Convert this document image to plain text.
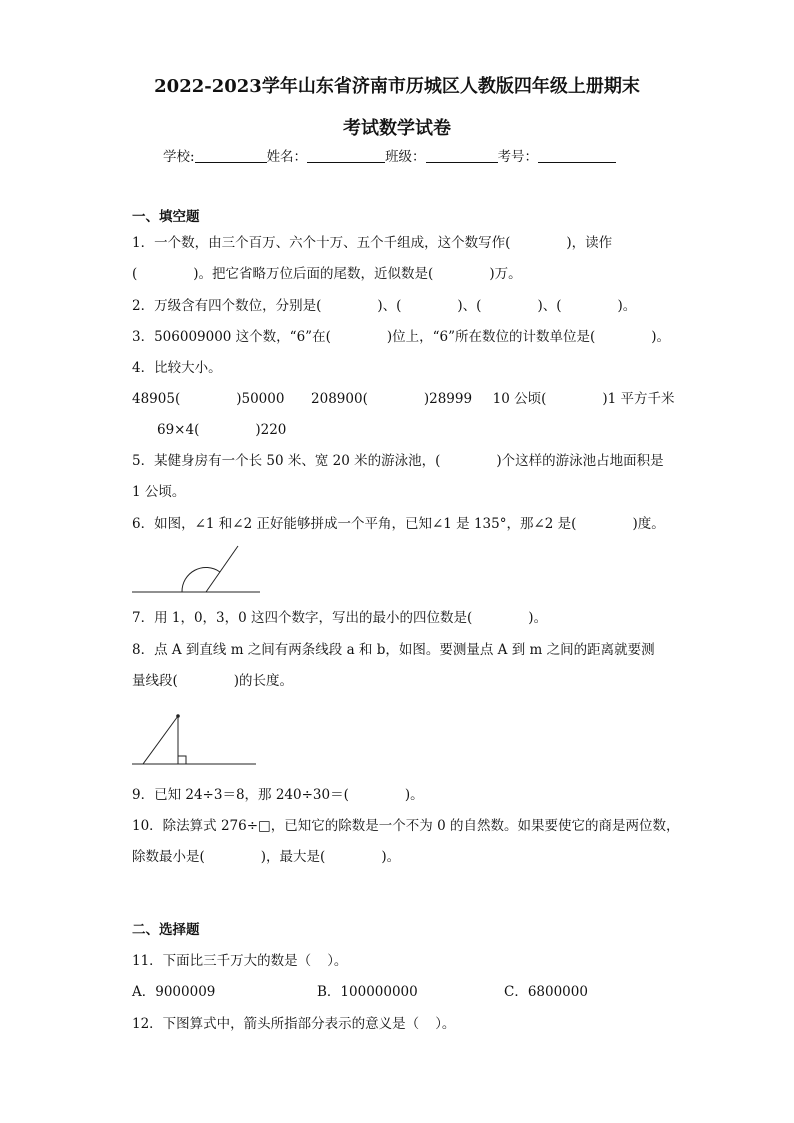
2022-2023学年山东省济南市历城区人教版四年级上册期末
考试数学试卷
学校:	姓名：	班级：	考号：
一、填空题
1．一个数，由三个百万、六个十万、五个千组成，这个数写作(	)，读作
(	)。把它省略万位后面的尾数，近似数是(	)万。
2．万级含有四个数位，分别是(	)、(	)、(	)、(	)。
3．506009000 这个数，“6”在(	)位上，“6”所在数位的计数单位是(	)。
4．比较大小。
48905(	)50000 208900(	)28999 10 公顷(	)1 平方千米
69×4(	)220
5．某健身房有一个长 50 米、宽 20 米的游泳池，(	)个这样的游泳池占地面积是
1 公顷。
6．如图，∠1 和∠2 正好能够拼成一个平角，已知∠1 是 135°，那∠2 是(	)度。
7．用 1，0，3，0 这四个数字，写出的最小的四位数是(	)。
8．点 A 到直线 m 之间有两条线段 a 和 b，如图。要测量点 A 到 m 之间的距离就要测
量线段(	)的长度。
9．已知 24÷3＝8，那 240÷30＝(	)。
10．除法算式 276÷□，已知它的除数是一个不为 0 的自然数。如果要使它的商是两位数，
除数最小是(	)，最大是(	)。
二、选择题
11．下面比三千万大的数是（ ）。
A．9000009	B．100000000	C．6800000
12．下图算式中，箭头所指部分表示的意义是（ ）。
